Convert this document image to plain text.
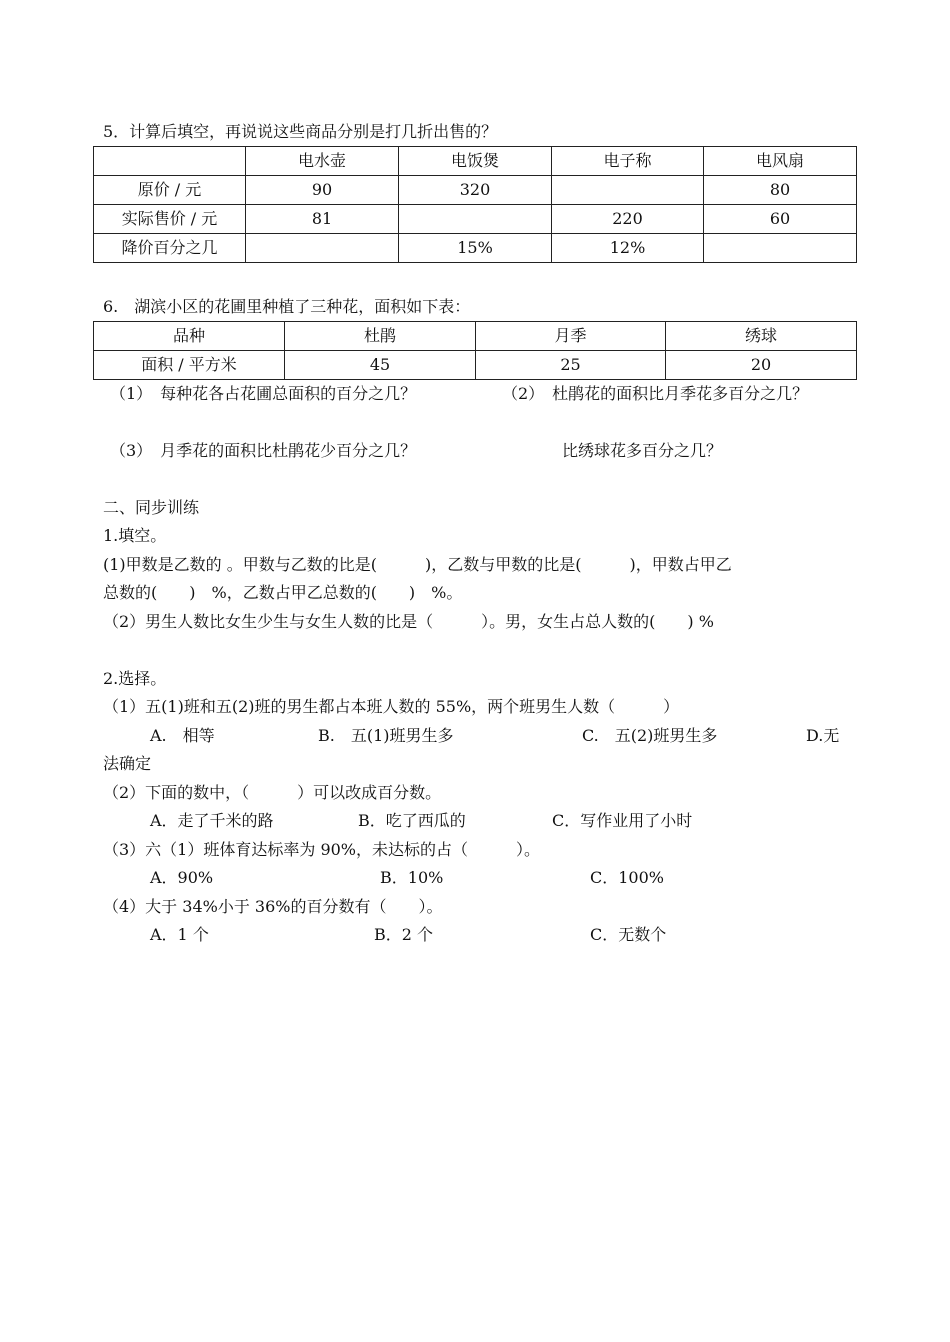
5．计算后填空，再说说这些商品分别是打几折出售的？
	电水壶	电饭煲	电子称	电风扇
原价 / 元	90	320		80
实际售价 / 元	81		220	60
降价百分之几		15%	12%	
6.　湖滨小区的花圃里种植了三种花，面积如下表：
品种	杜鹃	月季	绣球
面积 / 平方米	45	25	20
（1）　每种花各占花圃总面积的百分之几？	（2）　杜鹃花的面积比月季花多百分之几？
（3）　月季花的面积比杜鹃花少百分之几？	比绣球花多百分之几？
二、同步训练
1.填空。
(1)甲数是乙数的 。甲数与乙数的比是(　　　)，乙数与甲数的比是(　　　)，甲数占甲乙
总数的(　　)　%，乙数占甲乙总数的(　　)　%。
（2）男生人数比女生少生与女生人数的比是（　　　）。男，女生占总人数的(　　) %
2.选择。
（1）五(1)班和五(2)班的男生都占本班人数的 55%，两个班男生人数（　　　）
A.　相等	B.　五(1)班男生多	C.　五(2)班男生多	D.无
法确定
（2）下面的数中，（　　　）可以改成百分数。
A．走了千米的路	B．吃了西瓜的	C．写作业用了小时
（3）六（1）班体育达标率为 90%，未达标的占（　　　）。
A．90%	B．10%	C．100%
（4）大于 34%小于 36%的百分数有（　　）。
A．1 个	B．2 个	C．无数个
